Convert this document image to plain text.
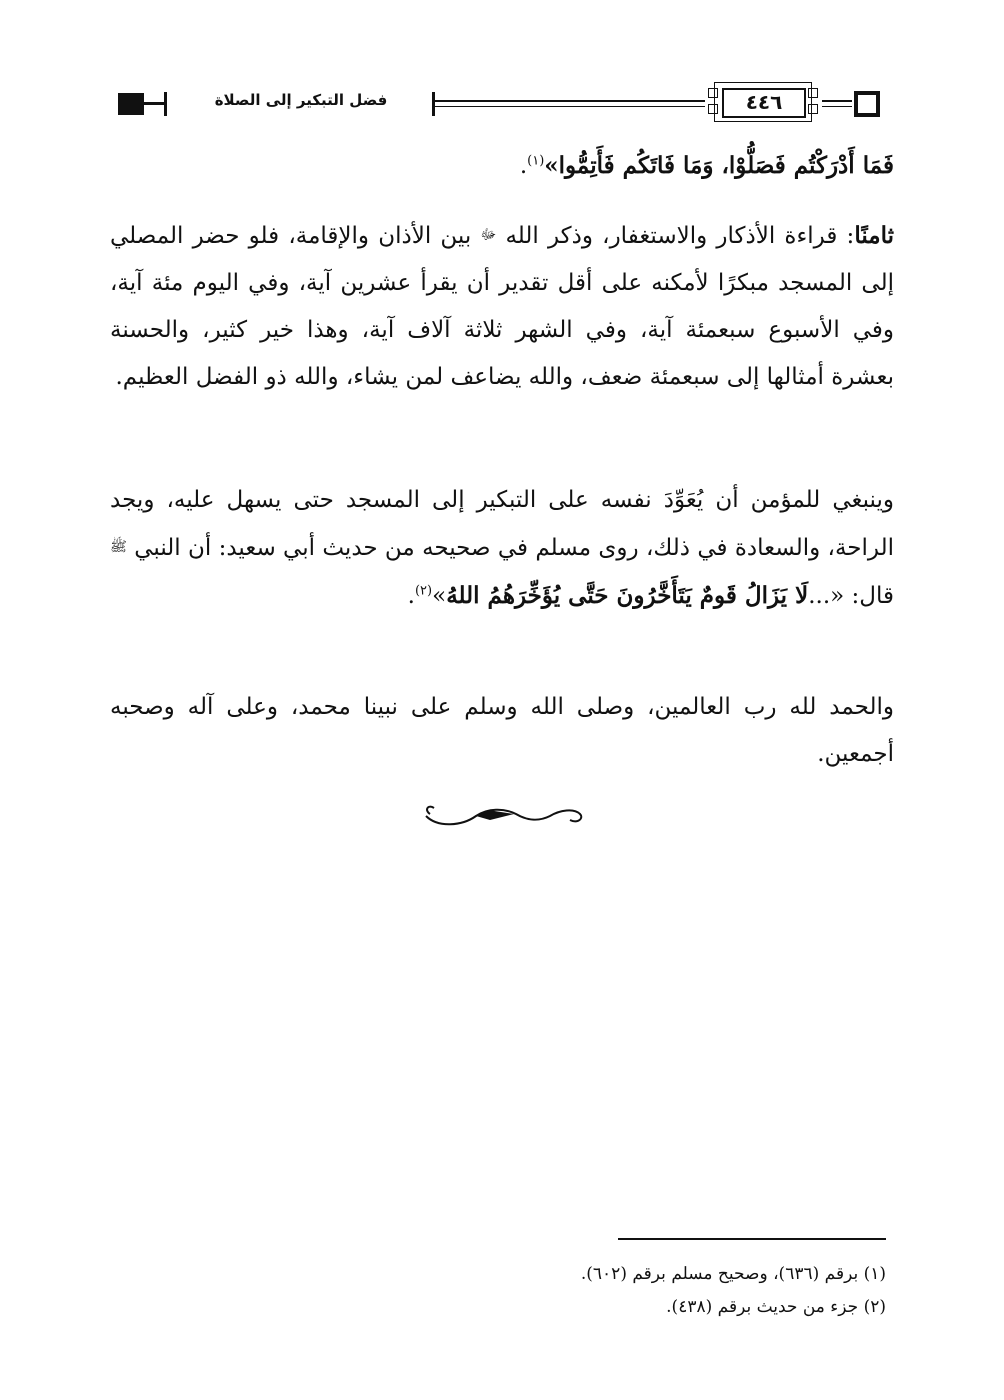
فضل التبكير إلى الصلاة	٤٤٦

فَمَا أَدْرَكْتُم فَصَلُّوْا، وَمَا فَاتَكُم فَأَتِمُّوا»$^{(١)}$.

ثامنًا: قراءة الأذكار والاستغفار، وذكر الله ﷻ بين الأذان والإقامة، فلو حضر المصلي إلى المسجد مبكرًا لأمكنه على أقل تقدير أن يقرأ عشرين آية، وفي اليوم مئة آية، وفي الأسبوع سبعمئة آية، وفي الشهر ثلاثة آلاف آية، وهذا خير كثير، والحسنة بعشرة أمثالها إلى سبعمئة ضعف، والله يضاعف لمن يشاء، والله ذو الفضل العظيم.

وينبغي للمؤمن أن يُعَوِّدَ نفسه على التبكير إلى المسجد حتى يسهل عليه، ويجد الراحة، والسعادة في ذلك، روى مسلم في صحيحه من حديث أبي سعيد: أن النبي ﷺ قال: «...لَا يَزَالُ قَومٌ يَتَأَخَّرُونَ حَتَّى يُؤَخِّرَهُمُ اللهُ»$^{(٢)}$.

والحمد لله رب العالمين، وصلى الله وسلم على نبينا محمد، وعلى آله وصحبه أجمعين.

(١) برقم (٦٣٦)، وصحيح مسلم برقم (٦٠٢).

(٢) جزء من حديث برقم (٤٣٨).
